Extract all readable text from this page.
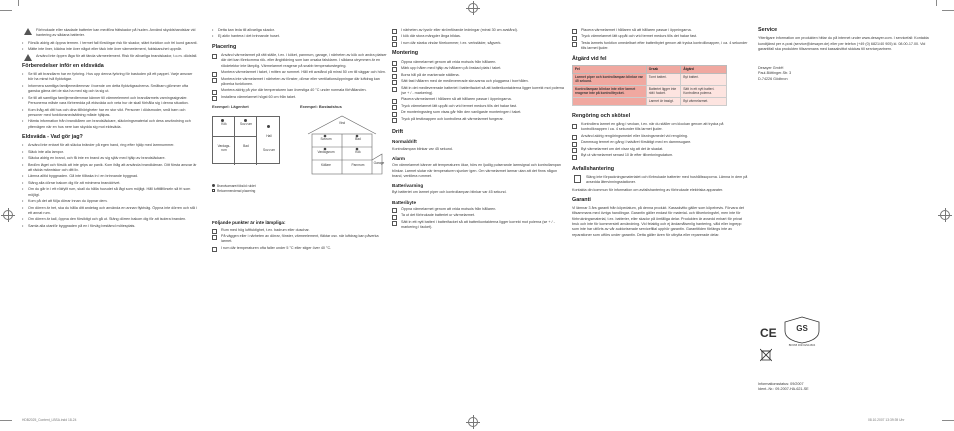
Förbrukade eller skadade batterier kan medföra frätskador på huden. Använd skyddshandskar vid hantering av sådana batterier.
• Försök aldrig att öppna termen. I termet fall förstörgar risk för skador, stänt funktion och fel kund garanti.
• Mätte inte liner, klädna inte över något eller täck inte över värmeelement, fuktskanuhet uppnår.
Använd inte öppen låga för att tända värmeelement. Risk för allvarliga brandskador, t.o.m. dödsfall.
Förberedelser inför en eldsväda
• Se till att brandlarm har en fyrkring. Hus upp denna fyrkring för bastuden på ett pappet. Varje ansvarr bör ha minst två flyktvägar.
• Informera samtliga familjemedlemmar i boende om detta flyktvägsschema. Småbarn glömmer ofta ganska gärna det de ska ha med sig och ta sig ut.
• Se till att samtliga familjemedlemmar känner till värmeelement och brandlarmets varningssignaler. Personerna måste vara förberedda på eldsväda och veta hur de skall förhålla sig i denna situation.
• Kom ihåg att ditt hus och dina tillhörigheter har en stor vikt. Personer i dödsmoder, små barn och personer med funktionsnedsättning måste hjälpas.
• Hämta information från brandkåren om brandsläckare, släckningsmaterial och dess användning och yttervägen när en hus nere kan skydda sig mot eldsväda.
Eldsväda - Vad gör jag?
• Använd inte enbart för att släcka bränder på egen hand, ring efter hjälp med larmnummer.
• Släck inte alla lampor.
• Släcka aldrig en brand, och få inte en brand av sig själv med hjälp av brandsläckare.
• Bedöm läget och försök att inte grips av panik. Kom ihåg att använda brandkärnan. Ditt första ansvar är att rädda människor och ditt liv.
• Lämna alltid byggnaden. Gå inte tillbaka in i en brinnande byggnad.
• Stäng alla dörrar bakom dig för att minimera branddrivet.
• Om du går in i ett rökfyllt rum, skall du hålla huvudet så lågt som möjligt. Håll lufttillförseln så fri som möjligt.
• Kom på det att följa dörrar innan du öppnar dem.
• Om dörren är het, ska du hålla ditt andetag och använda en annan flyktväg. Öppna inte dörren och stå i ett annat rum.
• Om dörren är kall, öppna den försiktigt och gå ut. Stäng dörren bakom dig för att isolera branden.
• Samla alla utanför byggnaden på en i förväg bestämd mötesplats.
• Detta kan leda till allvarliga skador.
• Ej aktiv hantera i det brinnande huset.
Placering
Använd värmelarmet på rätt ställe, t.ex. i köket, pannrum, garage, i närheten av kök och andra platser där det kan förekomma rök- eller ångbildning som kan orsaka falsklarm. I sådana utrymmen är en rökdetektor inte lämplig. Värmelarmet reagerar på snabb temperaturstegring.
Montera värmelarmet i taket, i mitten av rummet. Håll ett avstånd på minst 50 cm till väggar och hörn.
Montera inte värmelarmet i närheten av fönster, dörrar eller ventilationsöppningar där luftdrag kan påverka funktionen.
Montera aldrig på ytor där temperaturen kan överstiga 40 °C under normala förhållanden.
Installera värmelarmet högst 60 cm från taket.
Exempel: Lägenhet	Exempel: Bostadshus
Kök	Sov-rum
Vardags-rum
Bad
Hall
Sov-rum
Vind
Sovrum	Bad
Vardagsrum	Kök
Källare	Pannrum	Garage
Brandvarnare/röksöd ruldet
Rekommenderad placering
Följande punkter är inte lämpliga:
Rum med hög luftfuktighet, t.ex. badrum eller duschar.
På väggen eller i närheten av dörrar, fönster, värmeelement, fläktar osv. när luftdrag kan påverka larmet.
I rum där temperaturen ofta faller under 5 °C eller stiger över 40 °C.
I närheten av lysrör eller strömförande ledningar (minst 30 cm avstånd).
I kök där stora mängder ånga bildas.
I rum där starka vindar förekommer, t.ex. verkstäder, sågverk.
Montering
Öppna värmelarmet genom att vrida motsols från hållaren.
Märk upp hålen med hjälp av hållaren på önskad plats i taket.
Borra hål på de markerade ställena.
Sätt fast hållaren med de medlevererade skruvarna och pluggarna i borrhålen.
Sätt in det medlevererade batteriet i batterifacket så att batterikontakterna ligger korrekt mot polerna (se + / - markering).
Placera värmelarmet i hållaren så att hållaren passar i öppningarna.
Tryck värmelarmet lätt uppåt och vrid termet medurs tills det hakar fast.
De monteringssteg som visas går från den vanligaste monteringen i taket.
Tryck på testknappen och kontrollera att värmelarmet fungerar.
Drift
Normaldrift

Kontrollampan blinkar var 45 sekund.

Alarm

Om värmelarmet känner att temperaturen ökar, hörs en ljudlig pulserande larmsignal och kontrollampan blinkar. Larmet slutar när temperaturen sjunker igen. Om värmelarmet larmar utan att det finns någon brand, ventilera rummet.

Batterivarning

Byt batteriet om larmet piper och kontrollampan blinkar var 45 sekund.

Batteribyte
Öppna värmelarmet genom att vrida motsols från hållaren.
Ta ut det förbrukade batteriet ur värmelarmet.
Sätt in ett nytt batteri i batterifacket så att batterikontakterna ligger korrekt mot polerna (se + / - markering i facket).
Placera värmelarmet i hållaren så att hållaren passar i öppningarna.
Tryck värmelarmet lätt uppåt och vrid termet medurs tills det hakar fast.
Testa larmets funktion omedelbart efter batteribytet genom att trycka kontrollknappen, i ca. 4 sekunder tills larmet ljuder.
Åtgärd vid fel
Fel	Orsak	Åtgärd
Larmet piper och kontrollampan blinkar var 45 sekund.	Tomt batteri.	Byt batteri.
Kontrollampan blinkar inte eller larmet reagerar inte på kontrolltrycket.	Batteriet ligger inte rätt i facket.	Sätt in ett nytt batteri. Kontrollera polerna.
	Larmet är trasigt.	Byt värmelarmet.
Rengöring och skötsel
Kontrollera larmet en gång i veckan, t.ex. när du ställer om klockan genom att trycka på kontrollknappen i ca. 4 sekunder tills larmet ljuder.
Använd aldrig rengöringsmedel eller lösningsmedel vid rengöring.
Dammsug termet en gång i halvåret försiktigt med en dammsugare.
Byt värmelarmet om det visar sig att det är skadat.
Byt ut värmelarmet senast 10 år efter tillverkningsdatum.
Avfallshantering
Släng inte förpackningsmaterialet och förbrukade batterier med hushållssoporna. Lämna in dem på avsedda återvinningsstationer.

Kontakta din kommun för information om avfallshantering av förbrukade elektriska apparater.

Garanti

Vi lämnar 3 års garanti från köpedatum, på denna produkt. Kassakvitto gäller som köpebevis. Förvara det tillsammans med övriga handlingar. Garantin gäller endast för material- och tillverkningsfel, men inte för förbrukningsmaterial, t.ex. batterier, eller skador på ömtåliga delar. Produkten är avsedd enbart för privat bruk och inte för kommersiell användning. Vid felaktig och ej ändamålsenlig hantering, våld eller ingrepp som inte har utförts av vår auktoriserade servicefilial upphör garantin. Garantitiden förlängs inte av reparationer som utförs under garantin. Detta gäller även för utbytta eller reparerade delar.

Service

Ytterligare information om produkten hittar du på internet under www.desayer.com. I servicefall: Kontakta kundtjänst per e-post (service@desayer.de) eller per telefon (+49 (0) 6821/40 905) kl. 08.00-17.00. Vid garantifall ska produkten tillsammans med kassakvittot skickas till servicepartnern.

Desayer GmbH
Paul-Böttinger-Str. 3
D-74226 Gödbron
CE	GS
BD3N5 3023 EN14604
Informationsstatus: 09/2007
Ident.-Nr.: 09-2007-HA-621-SE
HDB2025_Content_LBSA.indd 18-24	08.10.2007 13:39:39 Uhr
